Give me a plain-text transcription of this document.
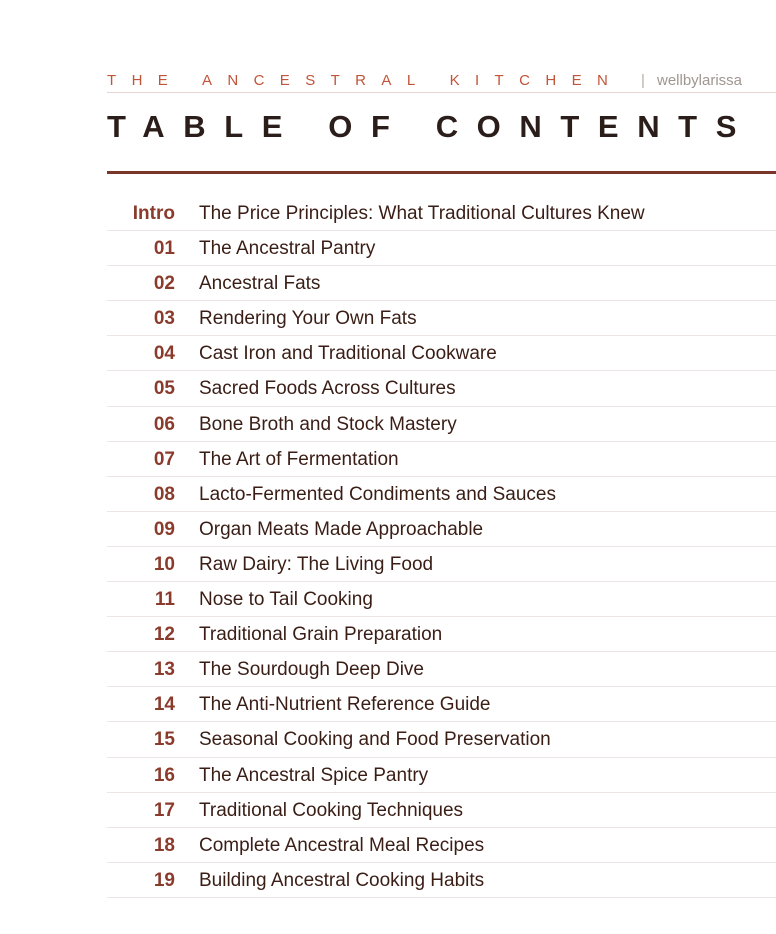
THE ANCESTRAL KITCHEN | wellbylarissa
TABLE OF CONTENTS
Intro The Price Principles: What Traditional Cultures Knew
01 The Ancestral Pantry
02 Ancestral Fats
03 Rendering Your Own Fats
04 Cast Iron and Traditional Cookware
05 Sacred Foods Across Cultures
06 Bone Broth and Stock Mastery
07 The Art of Fermentation
08 Lacto-Fermented Condiments and Sauces
09 Organ Meats Made Approachable
10 Raw Dairy: The Living Food
11 Nose to Tail Cooking
12 Traditional Grain Preparation
13 The Sourdough Deep Dive
14 The Anti-Nutrient Reference Guide
15 Seasonal Cooking and Food Preservation
16 The Ancestral Spice Pantry
17 Traditional Cooking Techniques
18 Complete Ancestral Meal Recipes
19 Building Ancestral Cooking Habits
